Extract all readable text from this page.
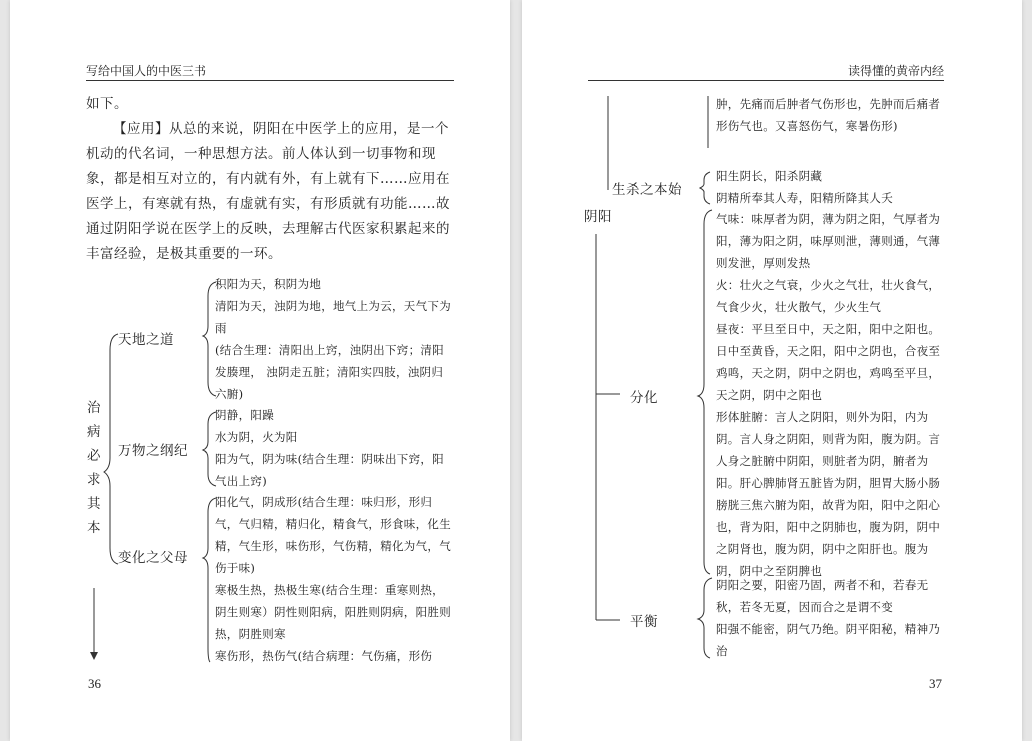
写给中国人的中医三书

如下。

【应用】从总的来说，阴阳在中医学上的应用，是一个机动的代名词，一种思想方法。前人体认到一切事物和现象，都是相互对立的，有内就有外，有上就有下……应用在医学上，有寒就有热，有虚就有实，有形质就有功能……故通过阴阳学说在医学上的反映，去理解古代医家积累起来的丰富经验，是极其重要的一环。

治
病
必
求
其
本
天地之道
万物之纲纪
变化之父母
积阳为天，积阴为地
清阳为天，浊阴为地，地气上为云，天气下为雨
(结合生理：清阳出上窍，浊阴出下窍；清阳发腠理， 浊阴走五脏；清阳实四肢，浊阴归六腑)
阴静，阳躁
水为阴，火为阳
阳为气，阴为味(结合生理：阴味出下窍，阳气出上窍)
阳化气，阴成形(结合生理：味归形，形归气，气归精，精归化，精食气，形食味，化生精，气生形，味伤形，气伤精，精化为气，气伤于味)
寒极生热，热极生寒(结合生理：重寒则热，阴生则寒）阴性则阳病，阳胜则阴病，阳胜则热，阴胜则寒
寒伤形，热伤气(结合病理：气伤痛，形伤
36
读得懂的黄帝内经
肿，先痛而后肿者气伤形也，先肿而后痛者形伤气也。又喜怒伤气，寒暑伤形)
生杀之本始
阳生阴长，阳杀阴藏
阴精所奉其人寿，阳精所降其人夭
阴阳
分化
气味：味厚者为阴，薄为阴之阳，气厚者为阳，薄为阳之阴，味厚则泄，薄则通，气薄则发泄，厚则发热
火：壮火之气衰，少火之气壮，壮火食气，气食少火，壮火散气，少火生气
昼夜：平旦至日中，天之阳，阳中之阳也。日中至黄昏，天之阳，阳中之阴也，合夜至鸡鸣，天之阴，阴中之阴也，鸡鸣至平旦，天之阴，阴中之阳也
形体脏腑：言人之阴阳，则外为阳，内为阴。言人身之阴阳，则背为阳，腹为阴。言人身之脏腑中阴阳，则脏者为阴，腑者为阳。肝心脾肺肾五脏皆为阴，胆胃大肠小肠膀胱三焦六腑为阳，故背为阳，阳中之阳心也，背为阳，阳中之阴肺也，腹为阴，阴中之阴肾也，腹为阴，阴中之阳肝也。腹为阴，阴中之至阴脾也
平衡
阴阳之要，阳密乃固，两者不和，若春无秋，若冬无夏，因而合之是谓不变
阳强不能密，阴气乃绝。阴平阳秘，精神乃治
37
